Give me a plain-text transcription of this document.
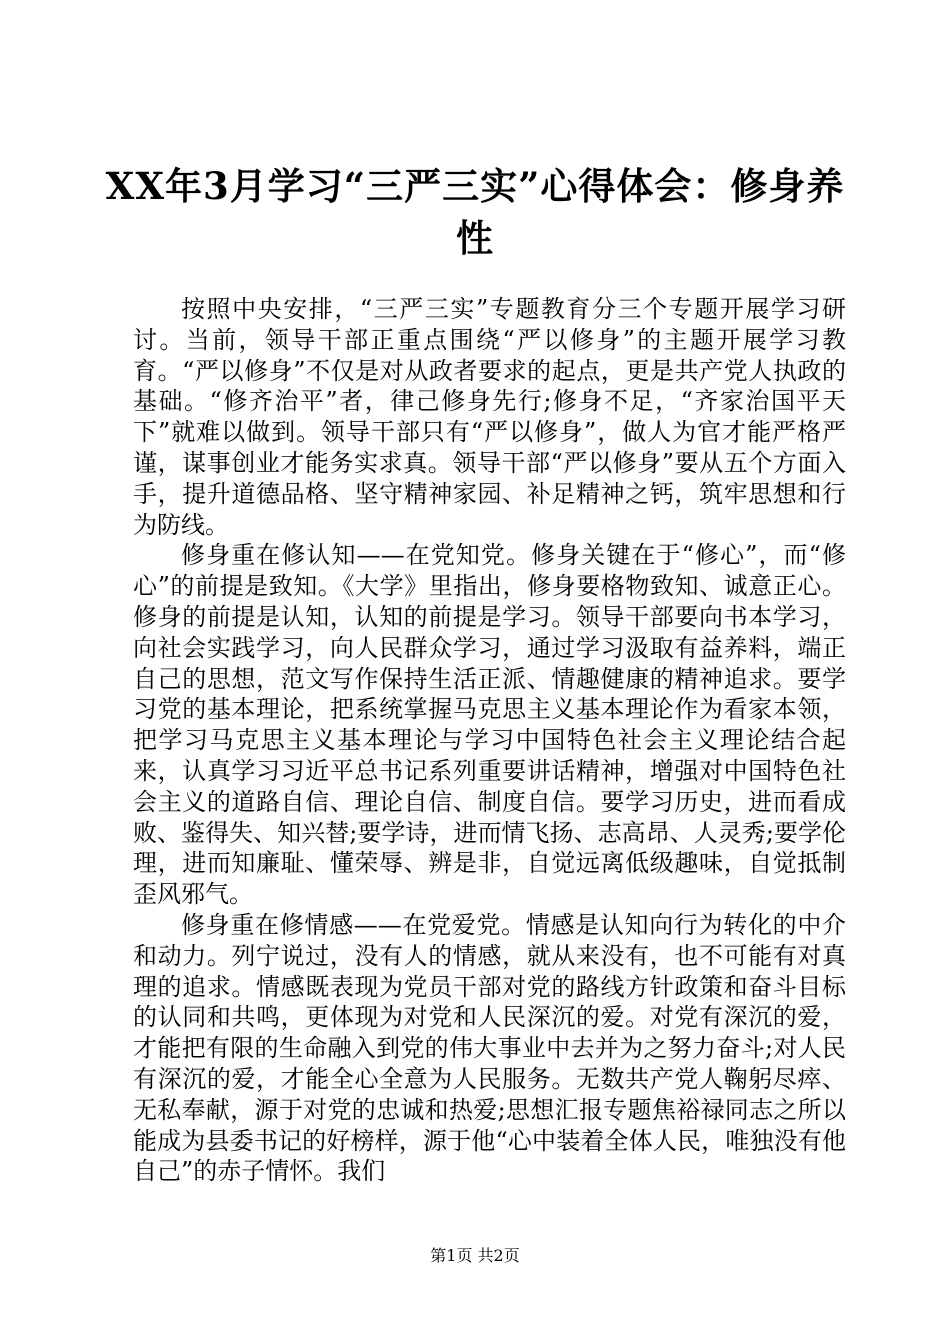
XX年3月学习“三严三实”心得体会：修身养性

按照中央安排，“三严三实”专题教育分三个专题开展学习研讨。当前，领导干部正重点围绕“严以修身”的主题开展学习教育。“严以修身”不仅是对从政者要求的起点，更是共产党人执政的基础。“修齐治平”者，律己修身先行;修身不足，“齐家治国平天下”就难以做到。领导干部只有“严以修身”，做人为官才能严格严谨，谋事创业才能务实求真。领导干部“严以修身”要从五个方面入手，提升道德品格、坚守精神家园、补足精神之钙，筑牢思想和行为防线。

修身重在修认知——在党知党。修身关键在于“修心”，而“修心”的前提是致知。《大学》里指出，修身要格物致知、诚意正心。修身的前提是认知，认知的前提是学习。领导干部要向书本学习，向社会实践学习，向人民群众学习，通过学习汲取有益养料，端正自己的思想，范文写作保持生活正派、情趣健康的精神追求。要学习党的基本理论，把系统掌握马克思主义基本理论作为看家本领，把学习马克思主义基本理论与学习中国特色社会主义理论结合起来，认真学习习近平总书记系列重要讲话精神，增强对中国特色社会主义的道路自信、理论自信、制度自信。要学习历史，进而看成败、鉴得失、知兴替;要学诗，进而情飞扬、志高昂、人灵秀;要学伦理，进而知廉耻、懂荣辱、辨是非，自觉远离低级趣味，自觉抵制歪风邪气。

修身重在修情感——在党爱党。情感是认知向行为转化的中介和动力。列宁说过，没有人的情感，就从来没有，也不可能有对真理的追求。情感既表现为党员干部对党的路线方针政策和奋斗目标的认同和共鸣，更体现为对党和人民深沉的爱。对党有深沉的爱，才能把有限的生命融入到党的伟大事业中去并为之努力奋斗;对人民有深沉的爱，才能全心全意为人民服务。无数共产党人鞠躬尽瘁、无私奉献，源于对党的忠诚和热爱;思想汇报专题焦裕禄同志之所以能成为县委书记的好榜样，源于他“心中装着全体人民，唯独没有他自己”的赤子情怀。我们

第1页 共2页
